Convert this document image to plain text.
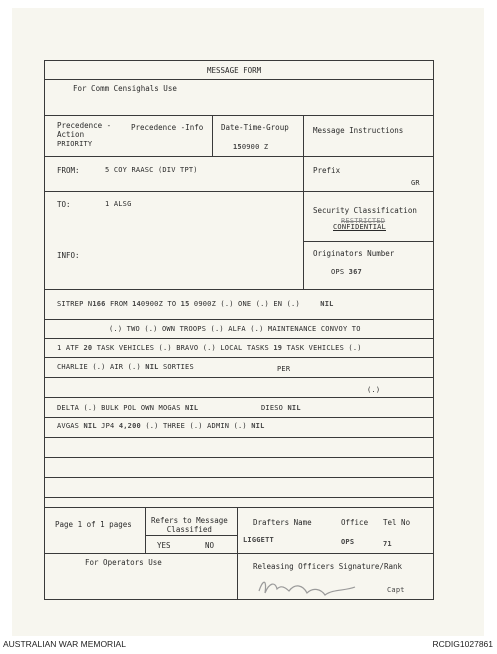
MESSAGE FORM
For Comm Censighals Use
Precedence -
Action
PRIORITY
Precedence -Info Date-Time-Group
150900 Z
Message Instructions
FROM:	5 COY RAASC (DIV TPT)	Prefix
GR
TO:	1 ALSG
Security Classification
RESTRICTED
CONFIDENTIAL
INFO:	Originators Number
OPS 367
SITREP N166 FROM 140900Z TO 15 0900Z (.) ONE (.) EN (.) NIL
(.) TWO (.) OWN TROOPS (.) ALFA (.) MAINTENANCE CONVOY TO
1 ATF 20 TASK VEHICLES (.) BRAVO (.) LOCAL TASKS 19 TASK VEHICLES (.)
CHARLIE (.) AIR (.) NIL SORTIES	PER
(.)
DELTA (.) BULK POL OWN MOGAS NIL	DIESO NIL
AVGAS NIL JP4 4,200 (.) THREE (.) ADMIN (.) NIL
Page 1 of 1 pages	Refers to Message
Classified
YES	NO
Drafters Name	Office Tel No
LIGGETT	OPS	71
For Operators Use	Releasing Officers Signature/Rank
Capt
AUSTRALIAN WAR MEMORIAL	RCDIG1027861
